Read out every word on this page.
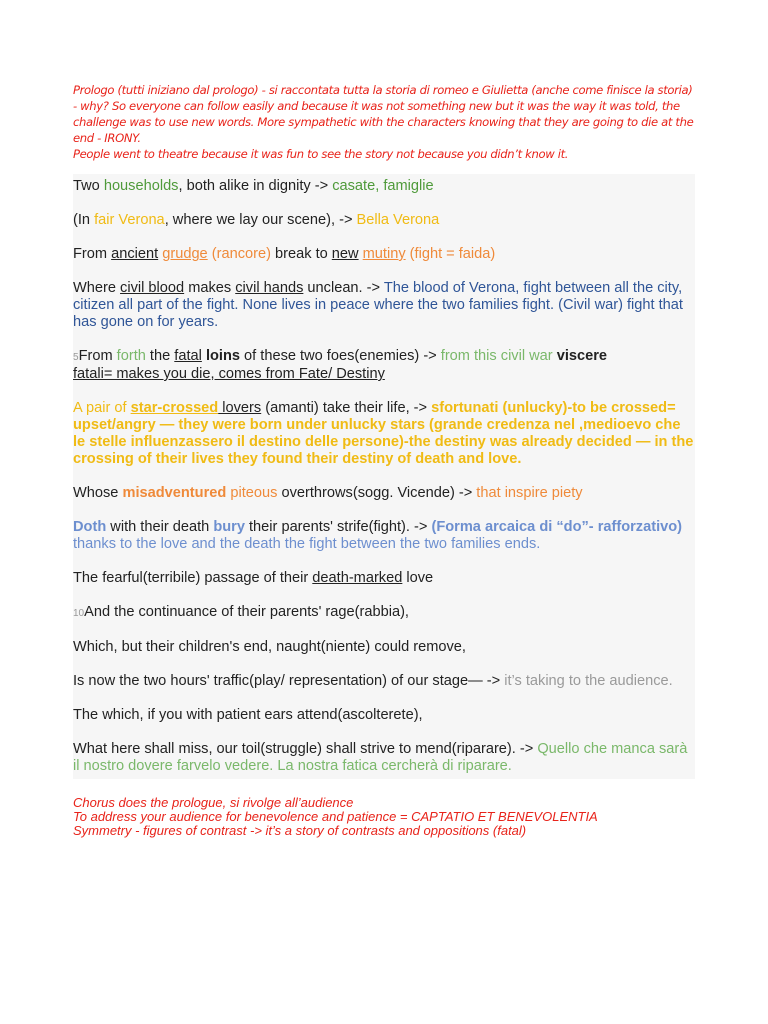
Prologo (tutti iniziano dal prologo) - si raccontata tutta la storia di romeo e Giulietta (anche come finisce la storia) - why? So everyone can follow easily and because it was not something new but it was the way it was told, the challenge was to use new words. More sympathetic with the characters knowing that they are going to die at the end - IRONY.
People went to theatre because it was fun to see the story not because you didn’t know it.

Two households, both alike in dignity -> casate, famiglie

(In fair Verona, where we lay our scene), -> Bella Verona

From ancient grudge (rancore) break to new mutiny (fight = faida)

Where civil blood makes civil hands unclean. -> The blood of Verona, fight between all the city, citizen all part of the fight. None lives in peace where the two families fight. (Civil war) fight that has gone on for years.

5From forth the fatal loins of these two foes(enemies) -> from this civil war viscere
fatali= makes you die, comes from Fate/ Destiny

A pair of star-crossed lovers (amanti) take their life, -> sfortunati (unlucky)-to be crossed= upset/angry — they were born under unlucky stars (grande credenza nel ,medioevo che le stelle influenzassero il destino delle persone)-the destiny was already decided — in the crossing of their lives they found their destiny of death and love.

Whose misadventured piteous overthrows(sogg. Vicende) -> that inspire piety

Doth with their death bury their parents' strife(fight). -> (Forma arcaica di “do”- rafforzativo) thanks to the love and the death the fight between the two families ends.

The fearful(terribile) passage of their death-marked love

10And the continuance of their parents' rage(rabbia),

Which, but their children's end, naught(niente) could remove,

Is now the two hours' traffic(play/ representation) of our stage— -> it’s taking to the audience.

The which, if you with patient ears attend(ascolterete),

What here shall miss, our toil(struggle) shall strive to mend(riparare). -> Quello che manca sarà il nostro dovere farvelo vedere. La nostra fatica cercherà di riparare.

Chorus does the prologue, si rivolge all’audience
To address your audience for benevolence and patience = CAPTATIO ET BENEVOLENTIA
Symmetry - figures of contrast -> it’s a story of contrasts and oppositions (fatal)
